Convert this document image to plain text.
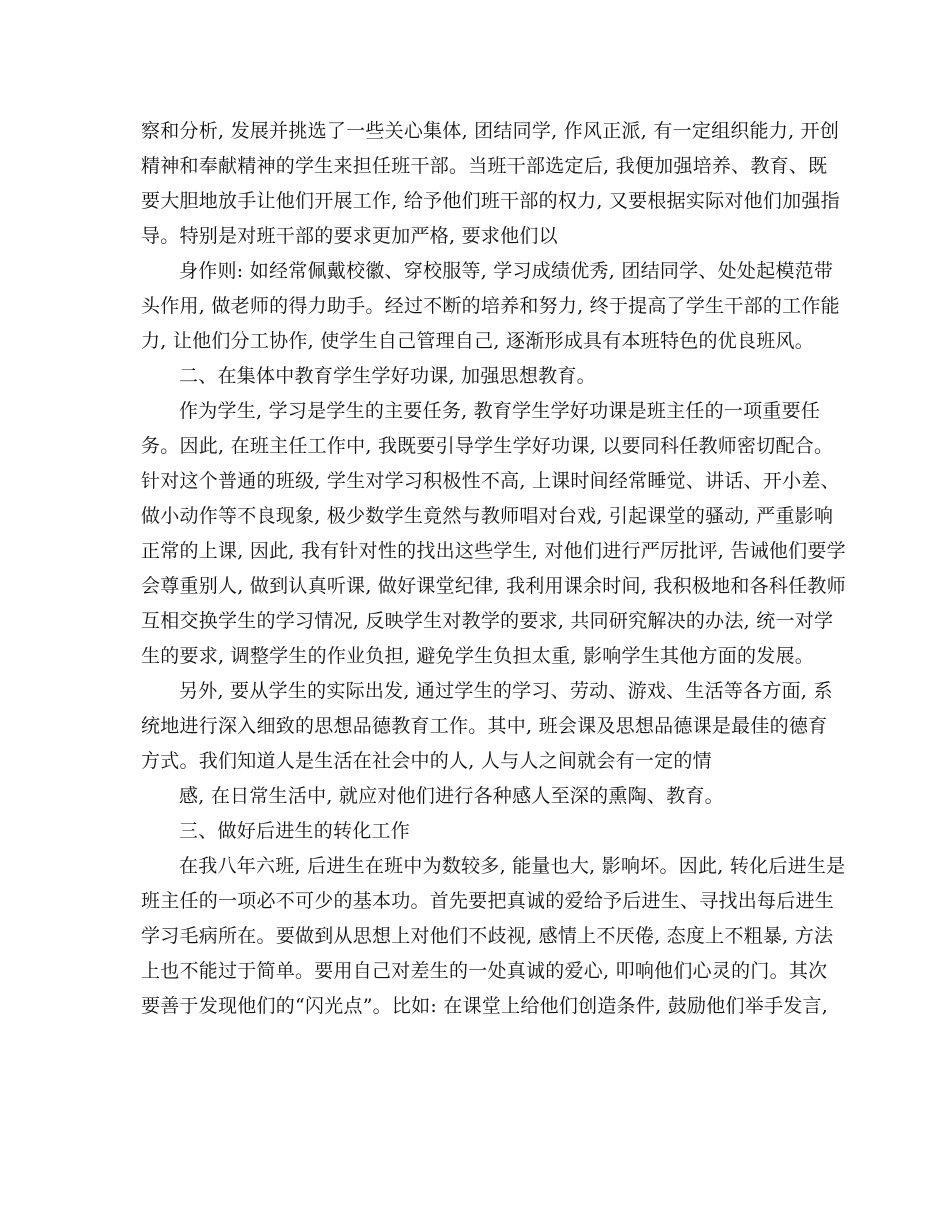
察和分析, 发展并挑选了一些关心集体, 团结同学, 作风正派, 有一定组织能力, 开创
精神和奉献精神的学生来担任班干部。当班干部选定后, 我便加强培养、教育、既
要大胆地放手让他们开展工作, 给予他们班干部的权力, 又要根据实际对他们加强指
导。特别是对班干部的要求更加严格, 要求他们以
身作则: 如经常佩戴校徽、穿校服等, 学习成绩优秀, 团结同学、处处起模范带
头作用, 做老师的得力助手。经过不断的培养和努力, 终于提高了学生干部的工作能
力, 让他们分工协作, 使学生自己管理自己, 逐渐形成具有本班特色的优良班风。
二、在集体中教育学生学好功课, 加强思想教育。
作为学生, 学习是学生的主要任务, 教育学生学好功课是班主任的一项重要任
务。因此, 在班主任工作中, 我既要引导学生学好功课, 以要同科任教师密切配合。
针对这个普通的班级, 学生对学习积极性不高, 上课时间经常睡觉、讲话、开小差、
做小动作等不良现象, 极少数学生竟然与教师唱对台戏, 引起课堂的骚动, 严重影响
正常的上课, 因此, 我有针对性的找出这些学生, 对他们进行严厉批评, 告诫他们要学
会尊重别人, 做到认真听课, 做好课堂纪律, 我利用课余时间, 我积极地和各科任教师
互相交换学生的学习情况, 反映学生对教学的要求, 共同研究解决的办法, 统一对学
生的要求, 调整学生的作业负担, 避免学生负担太重, 影响学生其他方面的发展。
另外, 要从学生的实际出发, 通过学生的学习、劳动、游戏、生活等各方面, 系
统地进行深入细致的思想品德教育工作。其中, 班会课及思想品德课是最佳的德育
方式。我们知道人是生活在社会中的人, 人与人之间就会有一定的情
感, 在日常生活中, 就应对他们进行各种感人至深的熏陶、教育。
三、做好后进生的转化工作
在我八年六班, 后进生在班中为数较多, 能量也大, 影响坏。因此, 转化后进生是
班主任的一项必不可少的基本功。首先要把真诚的爱给予后进生、寻找出每后进生
学习毛病所在。要做到从思想上对他们不歧视, 感情上不厌倦, 态度上不粗暴, 方法
上也不能过于简单。要用自己对差生的一处真诚的爱心, 叩响他们心灵的门。其次
要善于发现他们的“闪光点”。比如: 在课堂上给他们创造条件, 鼓励他们举手发言,
